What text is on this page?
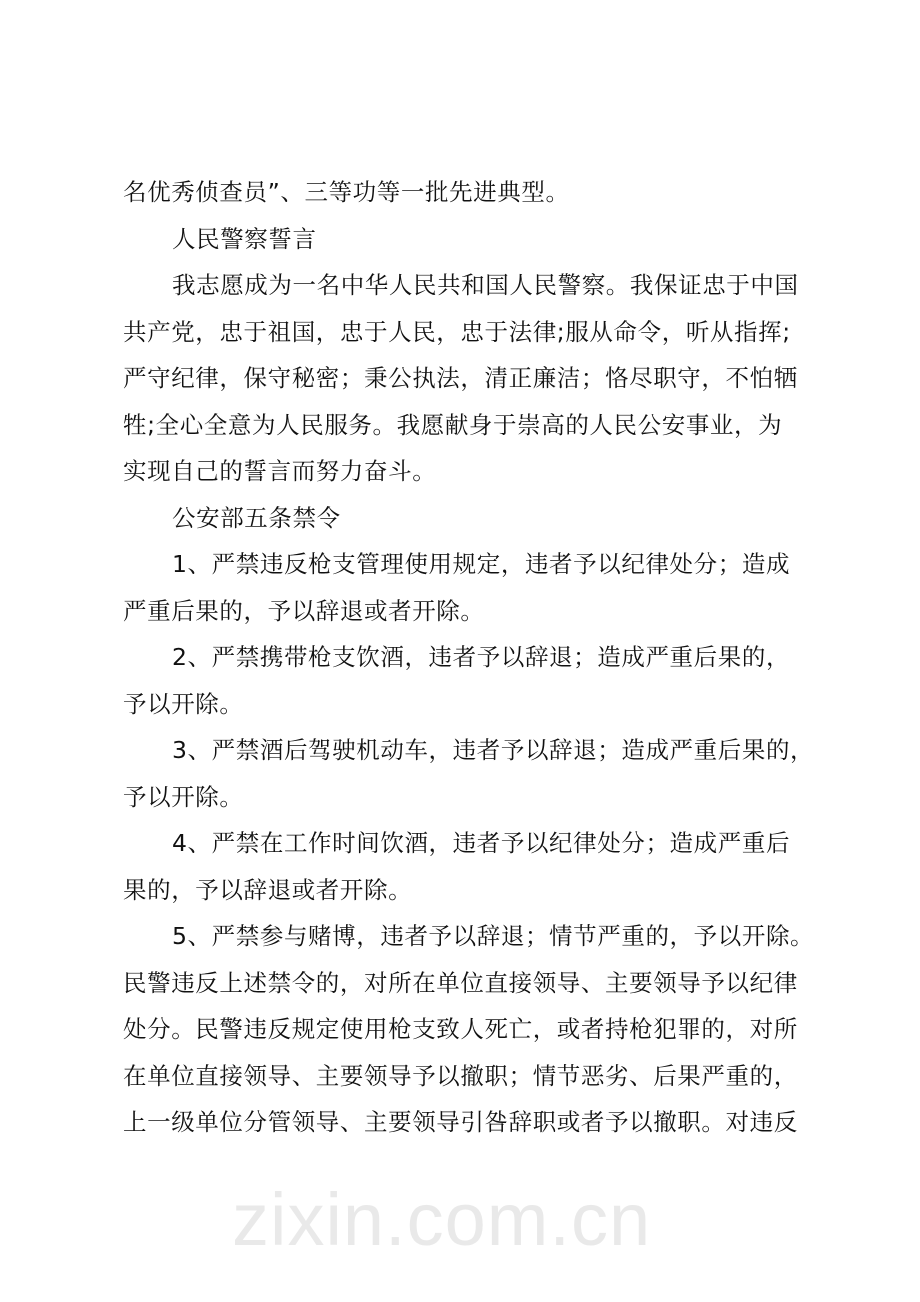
zixin.com.cn
名优秀侦查员”、三等功等一批先进典型。
人民警察誓言
我志愿成为一名中华人民共和国人民警察。我保证忠于中国
共产党，忠于祖国，忠于人民，忠于法律;服从命令，听从指挥;
严守纪律，保守秘密；秉公执法，清正廉洁；恪尽职守，不怕牺
牲;全心全意为人民服务。我愿献身于崇高的人民公安事业，为
实现自己的誓言而努力奋斗。
公安部五条禁令
1、严禁违反枪支管理使用规定，违者予以纪律处分；造成
严重后果的，予以辞退或者开除。
2、严禁携带枪支饮酒，违者予以辞退；造成严重后果的，
予以开除。
3、严禁酒后驾驶机动车，违者予以辞退；造成严重后果的，
予以开除。
4、严禁在工作时间饮酒，违者予以纪律处分；造成严重后
果的，予以辞退或者开除。
5、严禁参与赌博，违者予以辞退；情节严重的，予以开除。
民警违反上述禁令的，对所在单位直接领导、主要领导予以纪律
处分。民警违反规定使用枪支致人死亡，或者持枪犯罪的，对所
在单位直接领导、主要领导予以撤职；情节恶劣、后果严重的，
上一级单位分管领导、主要领导引咎辞职或者予以撤职。对违反
